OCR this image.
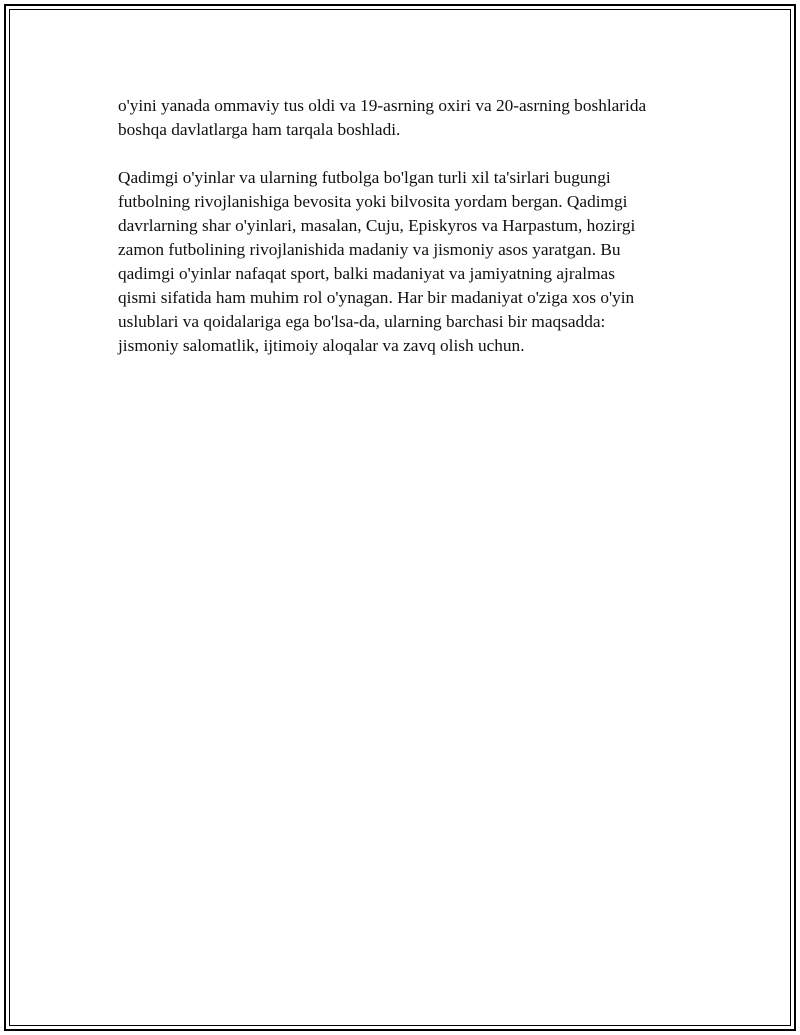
o'yini yanada ommaviy tus oldi va 19-asrning oxiri va 20-asrning boshlarida
boshqa davlatlarga ham tarqala boshladi.

Qadimgi o'yinlar va ularning futbolga bo'lgan turli xil ta'sirlari bugungi
futbolning rivojlanishiga bevosita yoki bilvosita yordam bergan. Qadimgi
davrlarning shar o'yinlari, masalan, Cuju, Episkyros va Harpastum, hozirgi
zamon futbolining rivojlanishida madaniy va jismoniy asos yaratgan. Bu
qadimgi o'yinlar nafaqat sport, balki madaniyat va jamiyatning ajralmas
qismi sifatida ham muhim rol o'ynagan. Har bir madaniyat o'ziga xos o'yin
uslublari va qoidalariga ega bo'lsa-da, ularning barchasi bir maqsadda:
jismoniy salomatlik, ijtimoiy aloqalar va zavq olish uchun.
